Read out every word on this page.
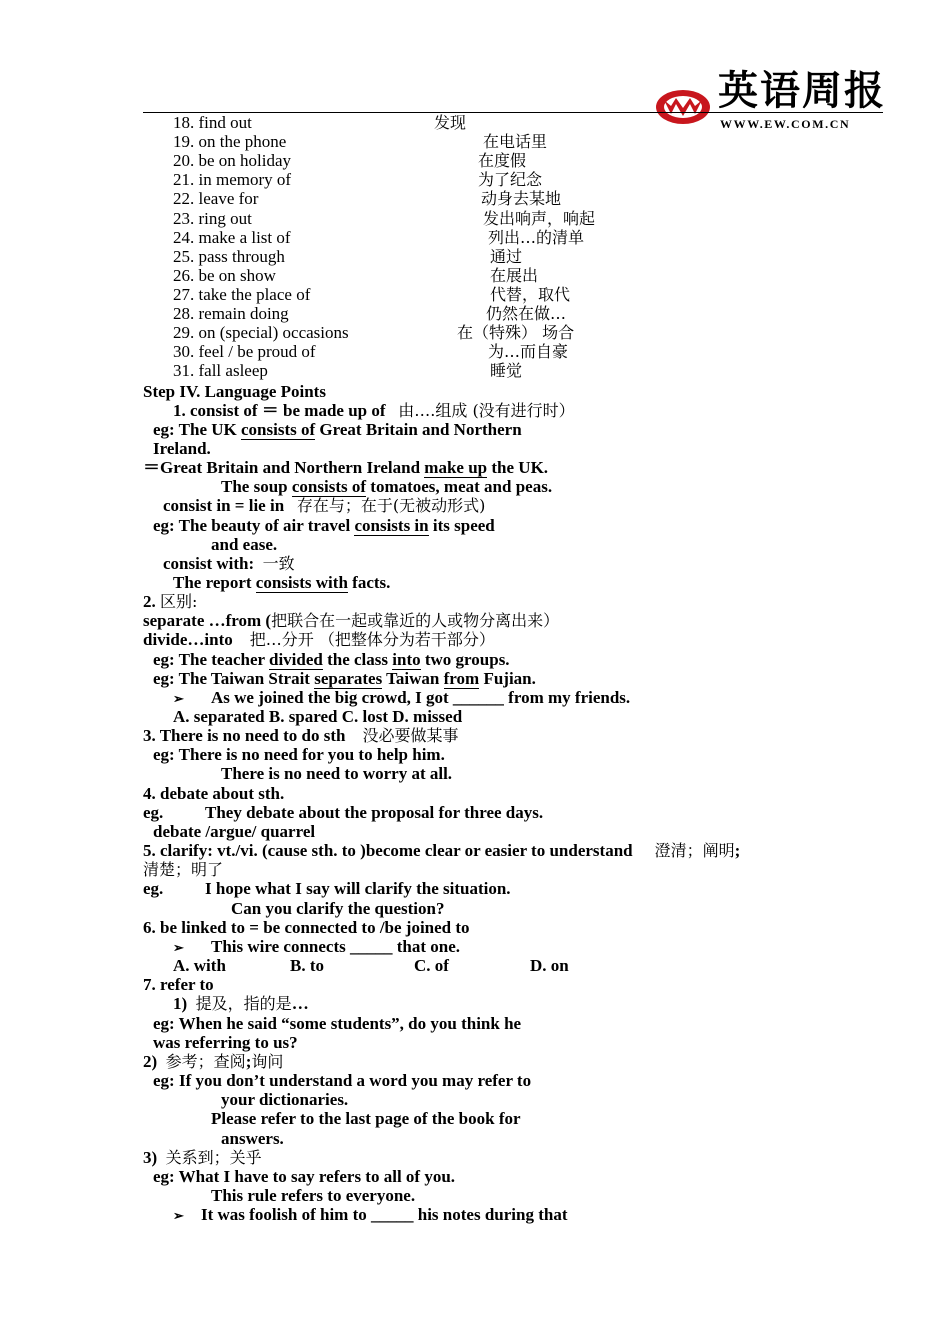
英语周报
WWW.EW.COM.CN
18. find out	发现
19. on the phone	在电话里
20. be on holiday	在度假
21. in memory of	为了纪念
22. leave for	动身去某地
23. ring out	发出响声，响起
24. make a list of	列出…的清单
25. pass through	通过
26. be on show	在展出
27. take the place of	代替，取代
28. remain doing	仍然在做…
29. on (special) occasions	在（特殊） 场合
30. feel / be proud of	为…而自豪
31. fall asleep	睡觉
Step IV. Language Points
1. consist of ＝ be made up of 由….组成 (没有进行时）
eg: The UK consists of Great Britain and Northern
Ireland.
＝Great Britain and Northern Ireland make up the UK.
The soup consists of tomatoes, meat and peas.
consist in = lie in 存在与；在于(无被动形式)
eg: The beauty of air travel consists in its speed
and ease.
consist with: 一致
The report consists with facts.
2. 区别:
separate …from (把联合在一起或靠近的人或物分离出来）
divide…into 把…分开 （把整体分为若干部分）
eg: The teacher divided the class into two groups.
eg: The Taiwan Strait separates Taiwan from Fujian.
➢ As we joined the big crowd, I got ______ from my friends.
A. separated B. spared C. lost D. missed
3. There is no need to do sth 没必要做某事
eg: There is no need for you to help him.
There is no need to worry at all.
4. debate about sth.
eg. They debate about the proposal for three days.
debate /argue/ quarrel
5. clarify: vt./vi. (cause sth. to )become clear or easier to understand 澄清；阐明;
清楚；明了
eg. I hope what I say will clarify the situation.
Can you clarify the question?
6. be linked to = be connected to /be joined to
➢ This wire connects _____ that one.
A. with	B. to	C. of	D. on
7. refer to
1) 提及，指的是…
eg: When he said “some students”, do you think he
was referring to us?
2) 参考；查阅;询问
eg: If you don’t understand a word you may refer to
your dictionaries.
Please refer to the last page of the book for
answers.
3) 关系到；关乎
eg: What I have to say refers to all of you.
This rule refers to everyone.
➢ It was foolish of him to _____ his notes during that
